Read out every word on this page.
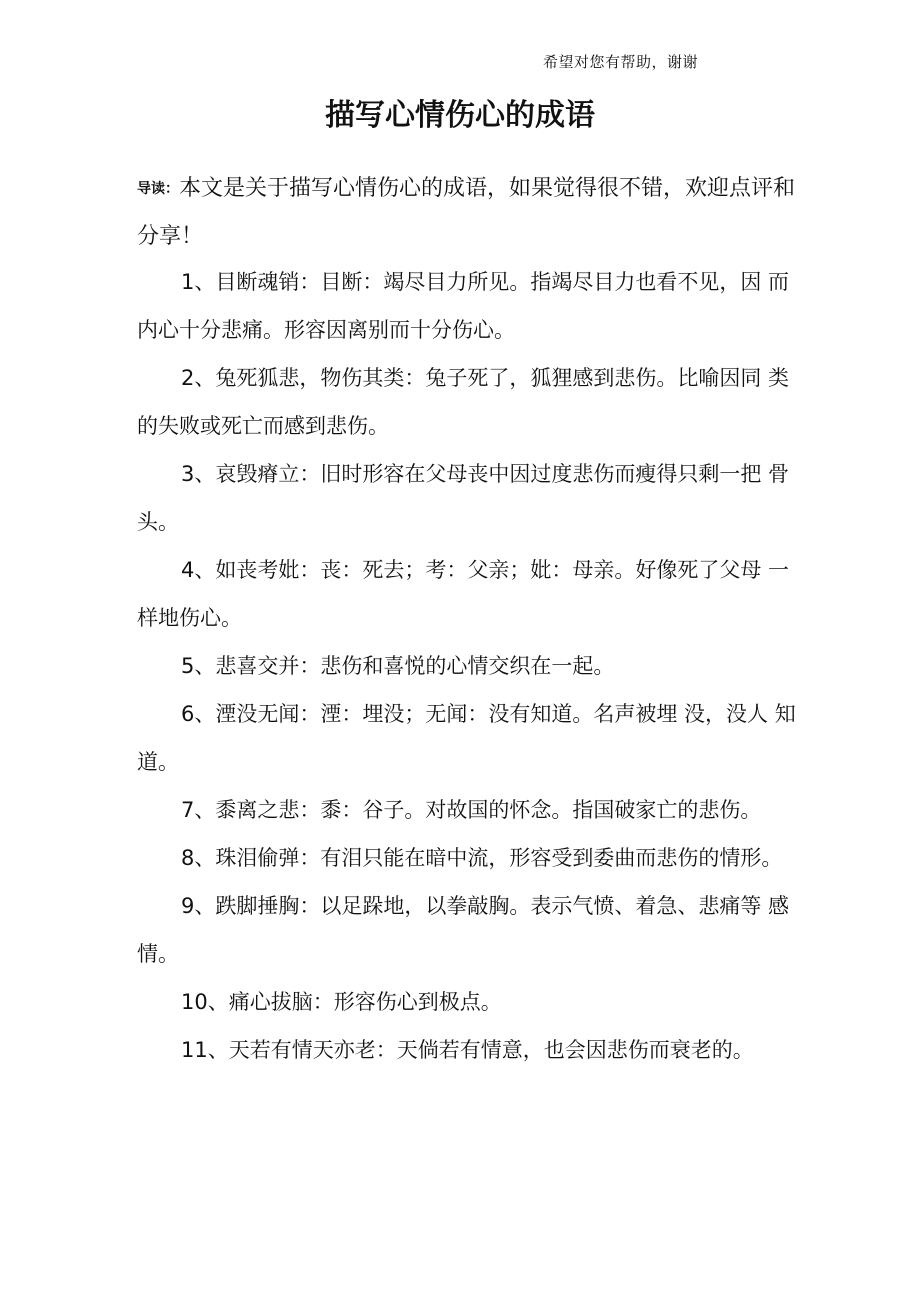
希望对您有帮助，谢谢
描写心情伤心的成语

导读：本文是关于描写心情伤心的成语，如果觉得很不错，欢迎点评和分享！

1、目断魂销：目断：竭尽目力所见。指竭尽目力也看不见，因 而内心十分悲痛。形容因离别而十分伤心。
2、兔死狐悲，物伤其类：兔子死了，狐狸感到悲伤。比喻因同 类的失败或死亡而感到悲伤。
3、哀毁瘠立：旧时形容在父母丧中因过度悲伤而瘦得只剩一把 骨头。
4、如丧考妣：丧：死去；考：父亲；妣：母亲。好像死了父母 一样地伤心。
5、悲喜交并：悲伤和喜悦的心情交织在一起。
6、湮没无闻：湮：埋没；无闻：没有知道。名声被埋 没，没人 知道。
7、黍离之悲：黍：谷子。对故国的怀念。指国破家亡的悲伤。
8、珠泪偷弹：有泪只能在暗中流，形容受到委曲而悲伤的情形。
9、跌脚捶胸：以足跺地，以拳敲胸。表示气愤、着急、悲痛等 感情。
10、痛心拔脑：形容伤心到极点。
11、天若有情天亦老：天倘若有情意，也会因悲伤而衰老的。
